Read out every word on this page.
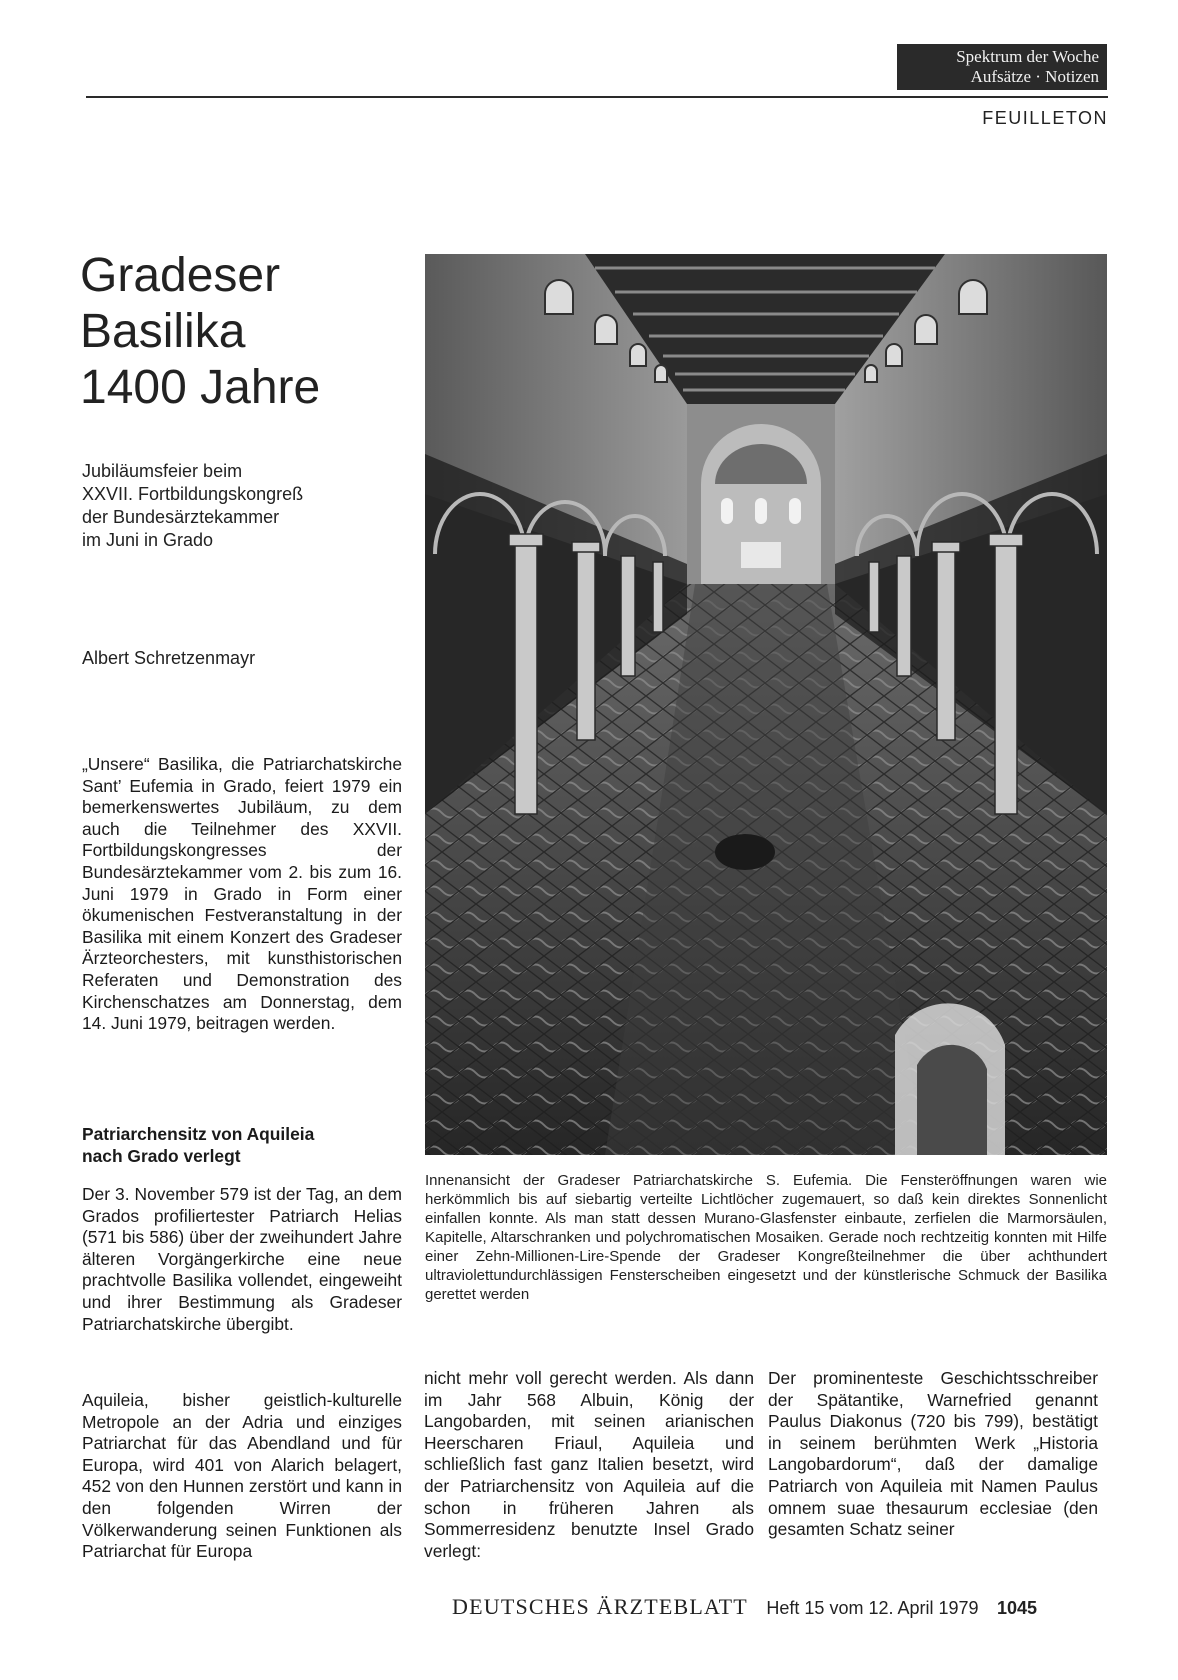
Spektrum der Woche
Aufsätze · Notizen
FEUILLETON
Gradeser
Basilika
1400 Jahre
Jubiläumsfeier beim
XXVII. Fortbildungskongreß
der Bundesärztekammer
im Juni in Grado
Albert Schretzenmayr
„Unsere“ Basilika, die Patriarchatskirche Sant’ Eufemia in Grado, feiert 1979 ein bemerkenswertes Jubiläum, zu dem auch die Teilnehmer des XXVII. Fortbildungskongresses der Bundesärztekammer vom 2. bis zum 16. Juni 1979 in Grado in Form einer ökumenischen Festveranstaltung in der Basilika mit einem Konzert des Gradeser Ärzteorchesters, mit kunsthistorischen Referaten und Demonstration des Kirchenschatzes am Donnerstag, dem 14. Juni 1979, beitragen werden.
Patriarchensitz von Aquileia
nach Grado verlegt
Der 3. November 579 ist der Tag, an dem Grados profiliertester Patriarch Helias (571 bis 586) über der zweihundert Jahre älteren Vorgängerkirche eine neue prachtvolle Basilika vollendet, eingeweiht und ihrer Bestimmung als Gradeser Patriarchatskirche übergibt.
Aquileia, bisher geistlich-kulturelle Metropole an der Adria und einziges Patriarchat für das Abendland und für Europa, wird 401 von Alarich belagert, 452 von den Hunnen zerstört und kann in den folgenden Wirren der Völkerwanderung seinen Funktionen als Patriarchat für Europa
Innenansicht der Gradeser Patriarchatskirche S. Eufemia. Die Fensteröffnungen waren wie herkömmlich bis auf siebartig verteilte Lichtlöcher zugemauert, so daß kein direktes Sonnenlicht einfallen konnte. Als man statt dessen Murano-Glasfenster einbaute, zerfielen die Marmorsäulen, Kapitelle, Altarschranken und polychromatischen Mosaiken. Gerade noch rechtzeitig konnten mit Hilfe einer Zehn-Millionen-Lire-Spende der Gradeser Kongreßteilnehmer die über achthundert ultraviolettundurchlässigen Fensterscheiben eingesetzt und der künstlerische Schmuck der Basilika gerettet werden
nicht mehr voll gerecht werden. Als dann im Jahr 568 Albuin, König der Langobarden, mit seinen arianischen Heerscharen Friaul, Aquileia und schließlich fast ganz Italien besetzt, wird der Patriarchensitz von Aquileia auf die schon in früheren Jahren als Sommerresidenz benutzte Insel Grado verlegt:
Der prominenteste Geschichtsschreiber der Spätantike, Warnefried genannt Paulus Diakonus (720 bis 799), bestätigt in seinem berühmten Werk „Historia Langobardorum“, daß der damalige Patriarch von Aquileia mit Namen Paulus omnem suae thesaurum ecclesiae (den gesamten Schatz seiner
DEUTSCHES ÄRZTEBLATT Heft 15 vom 12. April 1979 1045
